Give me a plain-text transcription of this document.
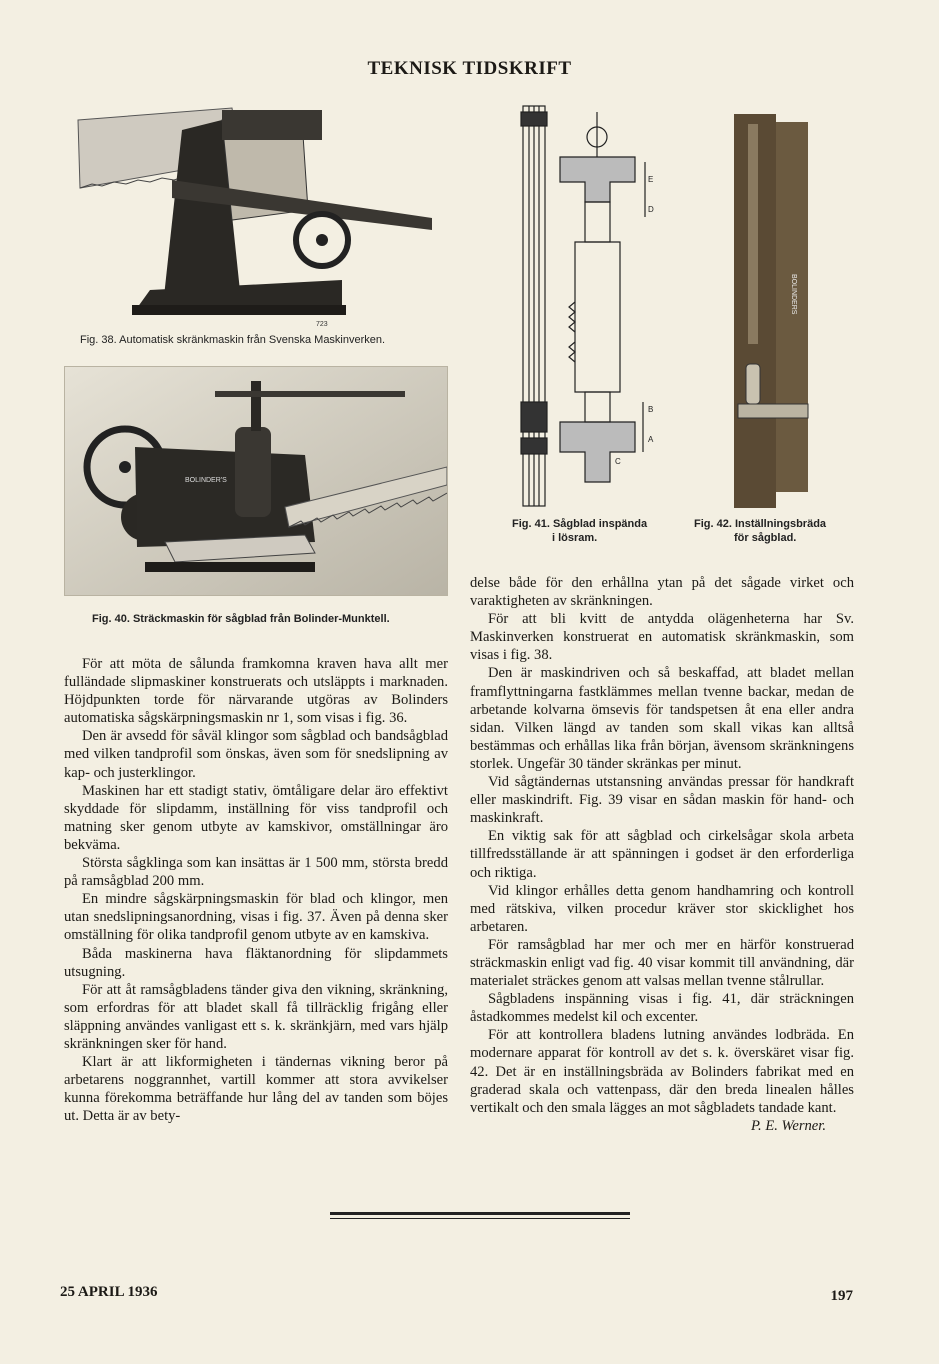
TEKNISK TIDSKRIFT
723
Fig. 38. Automatisk skränkmaskin från Svenska Maskinverken.
BOLINDER'S
Fig. 40. Sträckmaskin för sågblad från Bolinder-Munktell.
D
E
B
A
C
Fig. 41. Sågblad inspända
i lösram.
BOLINDERS
Fig. 42. Inställningsbräda
för sågblad.

För att möta de sålunda framkomna kraven hava allt mer fulländade slipmaskiner konstruerats och utsläppts i marknaden. Höjdpunkten torde för närvarande utgöras av Bolinders automatiska sågskärpningsmaskin nr 1, som visas i fig. 36.

Den är avsedd för såväl klingor som sågblad och bandsågblad med vilken tandprofil som önskas, även som för snedslipning av kap- och justerklingor.

Maskinen har ett stadigt stativ, ömtåligare delar äro effektivt skyddade för slipdamm, inställning för viss tandprofil och matning sker genom utbyte av kamskivor, omställningar äro bekväma.

Största sågklinga som kan insättas är 1 500 mm, största bredd på ramsågblad 200 mm.

En mindre sågskärpningsmaskin för blad och klingor, men utan snedslipningsanordning, visas i fig. 37. Även på denna sker omställning för olika tandprofil genom utbyte av en kamskiva.

Båda maskinerna hava fläktanordning för slipdammets utsugning.

För att åt ramsågbladens tänder giva den vikning, skränkning, som erfordras för att bladet skall få tillräcklig frigång eller släppning användes vanligast ett s. k. skränkjärn, med vars hjälp skränkningen sker för hand.

Klart är att likformigheten i tändernas vikning beror på arbetarens noggrannhet, vartill kommer att stora avvikelser kunna förekomma beträffande hur lång del av tanden som böjes ut. Detta är av bety-

delse både för den erhållna ytan på det sågade virket och varaktigheten av skränkningen.

För att bli kvitt de antydda olägenheterna har Sv. Maskinverken konstruerat en automatisk skränkmaskin, som visas i fig. 38.

Den är maskindriven och så beskaffad, att bladet mellan framflyttningarna fastklämmes mellan tvenne backar, medan de arbetande kolvarna ömsevis för tandspetsen åt ena eller andra sidan. Vilken längd av tanden som skall vikas kan alltså bestämmas och erhållas lika från början, ävensom skränkningens storlek. Ungefär 30 tänder skränkas per minut.

Vid sågtändernas utstansning användas pressar för handkraft eller maskindrift. Fig. 39 visar en sådan maskin för hand- och maskinkraft.

En viktig sak för att sågblad och cirkelsågar skola arbeta tillfredsställande är att spänningen i godset är den erforderliga och riktiga.

Vid klingor erhålles detta genom handhamring och kontroll med rätskiva, vilken procedur kräver stor skicklighet hos arbetaren.

För ramsågblad har mer och mer en härför konstruerad sträckmaskin enligt vad fig. 40 visar kommit till användning, där materialet sträckes genom att valsas mellan tvenne stålrullar.

Sågbladens inspänning visas i fig. 41, där sträckningen åstadkommes medelst kil och excenter.

För att kontrollera bladens lutning användes lodbräda. En modernare apparat för kontroll av det s. k. överskäret visar fig. 42. Det är en inställningsbräda av Bolinders fabrikat med en graderad skala och vattenpass, där den breda linealen hålles vertikalt och den smala lägges an mot sågbladets tandade kant.

P. E. Werner.
25 APRIL 1936	197
